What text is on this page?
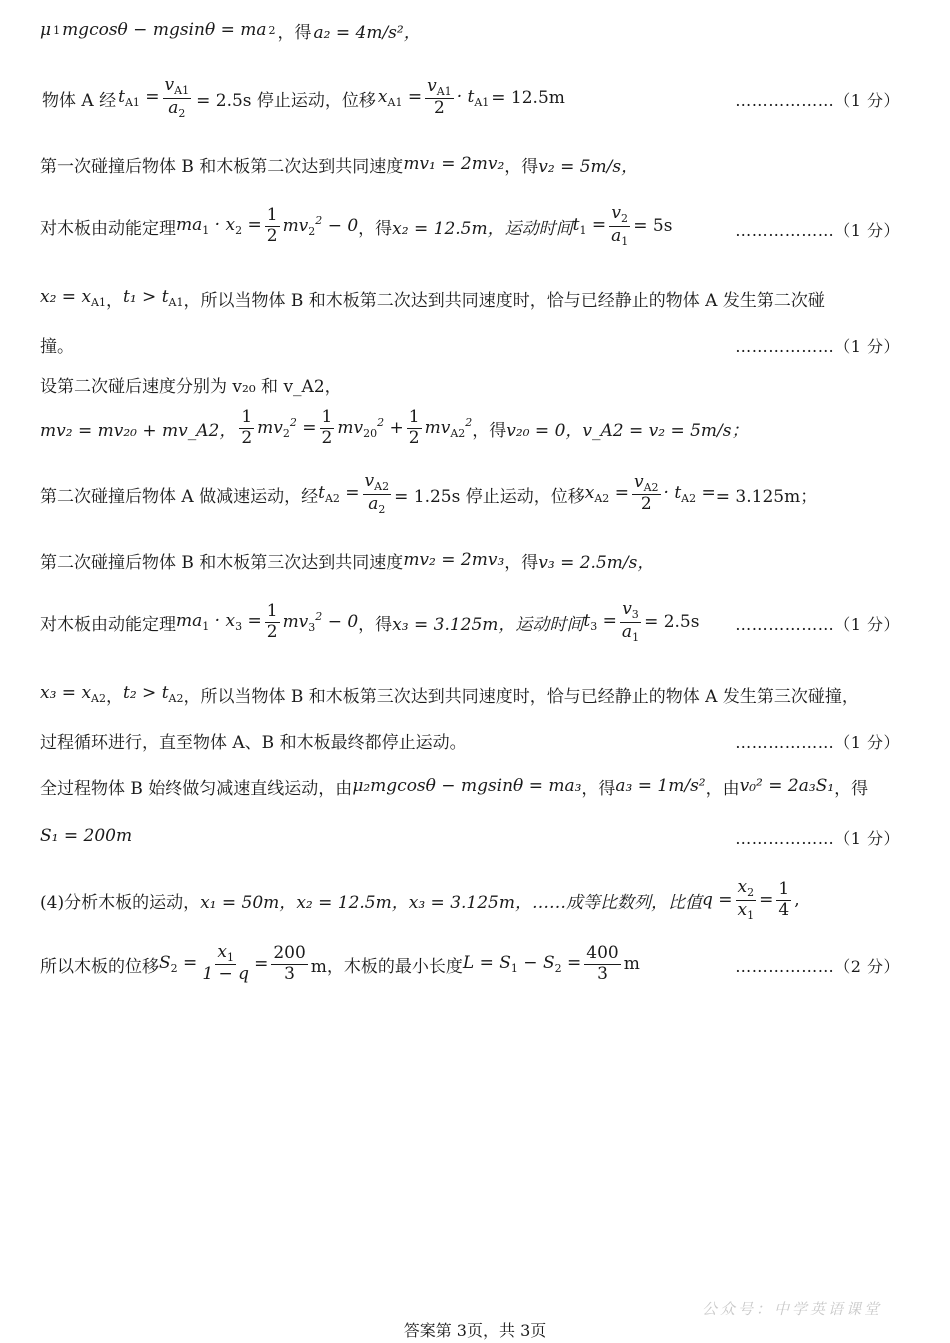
μ 1 mgcosθ − mgsinθ = ma 2 ，得 a₂ = 4m/s²，
物体 A 经 $t_{A1} = \frac{v_{A1}}{a_2} = 2.5s$ 停止运动，位移 $x_{A1} = \frac{v_{A1}}{2} \cdot t_{A1} = 12.5m$	………………（1 分）
第一次碰撞后物体 B 和木板第二次达到共同速度 mv₁ = 2mv₂ ，得 v₂ = 5m/s，
对木板由动能定理 $ma_1 \cdot x_2 = \frac{1}{2} mv_2^2 - 0$ ，得 x₂ = 12.5m，运动时间 $t_1 = \frac{v_2}{a_1} = 5s$	………………（1 分）
$x_2 = x_{A1}$ ， $t_1 > t_{A1}$ ，所以当物体 B 和木板第二次达到共同速度时，恰与已经静止的物体 A 发生第二次碰
撞。	………………（1 分）
设第二次碰后速度分别为 v₂₀ 和 v_A2，
mv₂ = mv₂₀ + mv_A2， $\frac{1}{2} mv_2^2 = \frac{1}{2} mv_{20}^2 + \frac{1}{2} mv_{A2}^2$ ，得 v₂₀ = 0， v_A2 = v₂ = 5m/s；
第二次碰撞后物体 A 做减速运动，经 $t_{A2} = \frac{v_{A2}}{a_2} = 1.25s$ 停止运动，位移 $x_{A2} = \frac{v_{A2}}{2} \cdot t_{A2}$ = = 3.125m；
第二次碰撞后物体 B 和木板第三次达到共同速度 mv₂ = 2mv₃ ，得 v₃ = 2.5m/s，
对木板由动能定理 $ma_1 \cdot x_3 = \frac{1}{2} mv_3^2 - 0$ ，得 x₃ = 3.125m，运动时间 $t_3 = \frac{v_3}{a_1} = 2.5s$ ………………（1 分）
$x_3 = x_{A2}$ ， $t_2 > t_{A2}$ ，所以当物体 B 和木板第三次达到共同速度时，恰与已经静止的物体 A 发生第三次碰撞，
过程循环进行，直至物体 A、B 和木板最终都停止运动。	………………（1 分）
全过程物体 B 始终做匀减速直线运动，由 μ₂mgcosθ − mgsinθ = ma₃ ，得 a₃ = 1m/s² ，由 v₀² = 2a₃S₁ ，得
S₁ = 200m	………………（1 分）
(4)分析木板的运动， x₁ = 50m， x₂ = 12.5m， x₃ = 3.125m，……成等比数列，比值 $q = \frac{x_2}{x_1} = \frac{1}{4}$ ,
所以木板的位移 $S_2 = \frac{x_1}{1 - q} = \frac{200}{3}$ m，木板的最小长度 $L = S_1 - S_2 = \frac{400}{3}$ m	………………（2 分）
公众号：中学英语课堂
答案第 3页，共 3页
